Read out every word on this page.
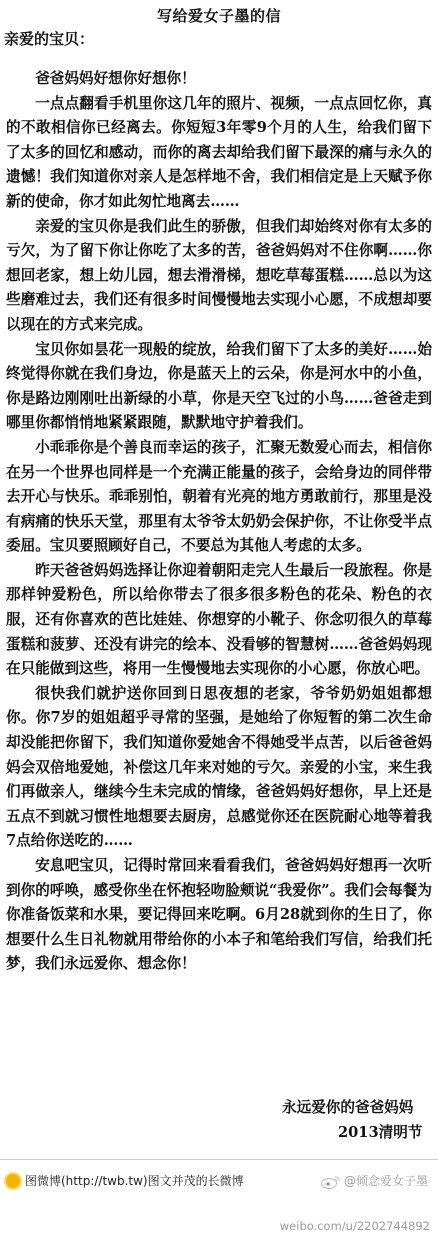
写给爱女子墨的信
亲爱的宝贝：

爸爸妈妈好想你好想你！

一点点翻看手机里你这几年的照片、视频，一点点回忆你，真的不敢相信你已经离去。你短短3年零9个月的人生，给我们留下了太多的回忆和感动，而你的离去却给我们留下最深的痛与永久的遗憾！我们知道你对亲人是怎样地不舍，我们相信定是上天赋予你新的使命，你才如此匆忙地离去……

亲爱的宝贝你是我们此生的骄傲，但我们却始终对你有太多的亏欠，为了留下你让你吃了太多的苦，爸爸妈妈对不住你啊……你想回老家，想上幼儿园，想去滑滑梯，想吃草莓蛋糕……总以为这些磨难过去，我们还有很多时间慢慢地去实现小心愿，不成想却要以现在的方式来完成。

宝贝你如昙花一现般的绽放，给我们留下了太多的美好……始终觉得你就在我们身边，你是蓝天上的云朵，你是河水中的小鱼，你是路边刚刚吐出新绿的小草，你是天空飞过的小鸟……爸爸走到哪里你都悄悄地紧紧跟随，默默地守护着我们。

小乖乖你是个善良而幸运的孩子，汇聚无数爱心而去，相信你在另一个世界也同样是一个充满正能量的孩子，会给身边的同伴带去开心与快乐。乖乖别怕，朝着有光亮的地方勇敢前行，那里是没有病痛的快乐天堂，那里有太爷爷太奶奶会保护你，不让你受半点委屈。宝贝要照顾好自己，不要总为其他人考虑的太多。

昨天爸爸妈妈选择让你迎着朝阳走完人生最后一段旅程。你是那样钟爱粉色，所以给你带去了很多很多粉色的花朵、粉色的衣服，还有你喜欢的芭比娃娃、你想穿的小靴子、你念叨很久的草莓蛋糕和菠萝、还没有讲完的绘本、没看够的智慧树……爸爸妈妈现在只能做到这些，将用一生慢慢地去实现你的小心愿，你放心吧。

很快我们就护送你回到日思夜想的老家，爷爷奶奶姐姐都想你。你7岁的姐姐超乎寻常的坚强，是她给了你短暂的第二次生命却没能把你留下，我们知道你爱她舍不得她受半点苦，以后爸爸妈妈会双倍地爱她，补偿这几年来对她的亏欠。亲爱的小宝，来生我们再做亲人，继续今生未完成的情缘，爸爸妈妈好想你，早上还是五点不到就习惯性地想要去厨房，总感觉你还在医院耐心地等着我7点给你送吃的……

安息吧宝贝，记得时常回来看看我们，爸爸妈妈好想再一次听到你的呼唤，感受你坐在怀抱轻吻脸颊说“我爱你”。我们会每餐为你准备饭菜和水果，要记得回来吃啊。6月28就到你的生日了，你想要什么生日礼物就用带给你的小本子和笔给我们写信，给我们托梦，我们永远爱你、想念你！

永远爱你的爸爸妈妈
2013清明节
图微博(http://twb.tw)图文并茂的长微博	@倾念爱女子墨
weibo.com/u/2202744892
